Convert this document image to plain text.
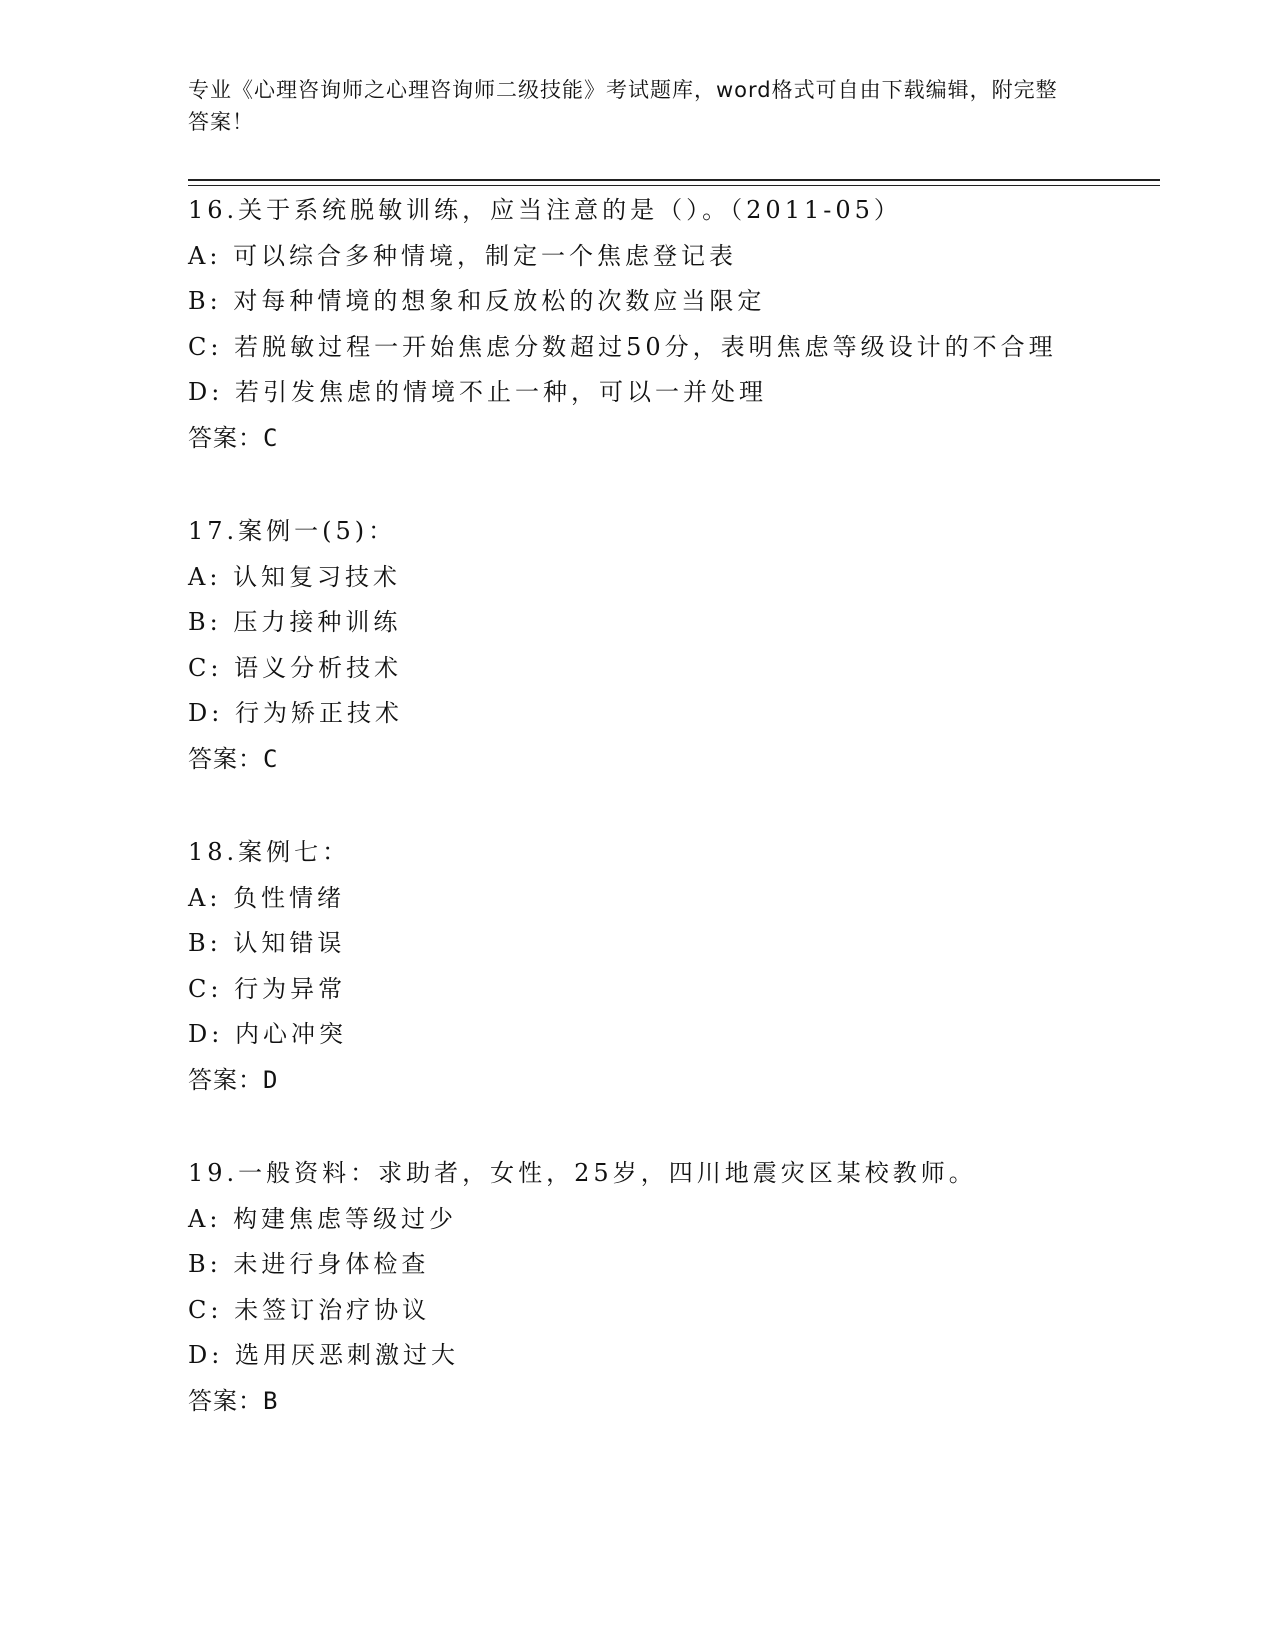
专业《心理咨询师之心理咨询师二级技能》考试题库，word格式可自由下载编辑，附完整答案！
16.关于系统脱敏训练，应当注意的是（）。（2011-05）
A: 可以综合多种情境，制定一个焦虑登记表
B: 对每种情境的想象和反放松的次数应当限定
C: 若脱敏过程一开始焦虑分数超过50分，表明焦虑等级设计的不合理
D: 若引发焦虑的情境不止一种，可以一并处理
答案：C
17.案例一(5)：
A: 认知复习技术
B: 压力接种训练
C: 语义分析技术
D: 行为矫正技术
答案：C
18.案例七：
A: 负性情绪
B: 认知错误
C: 行为异常
D: 内心冲突
答案：D
19.一般资料：求助者，女性，25岁，四川地震灾区某校教师。
A: 构建焦虑等级过少
B: 未进行身体检查
C: 未签订治疗协议
D: 选用厌恶刺激过大
答案：B
